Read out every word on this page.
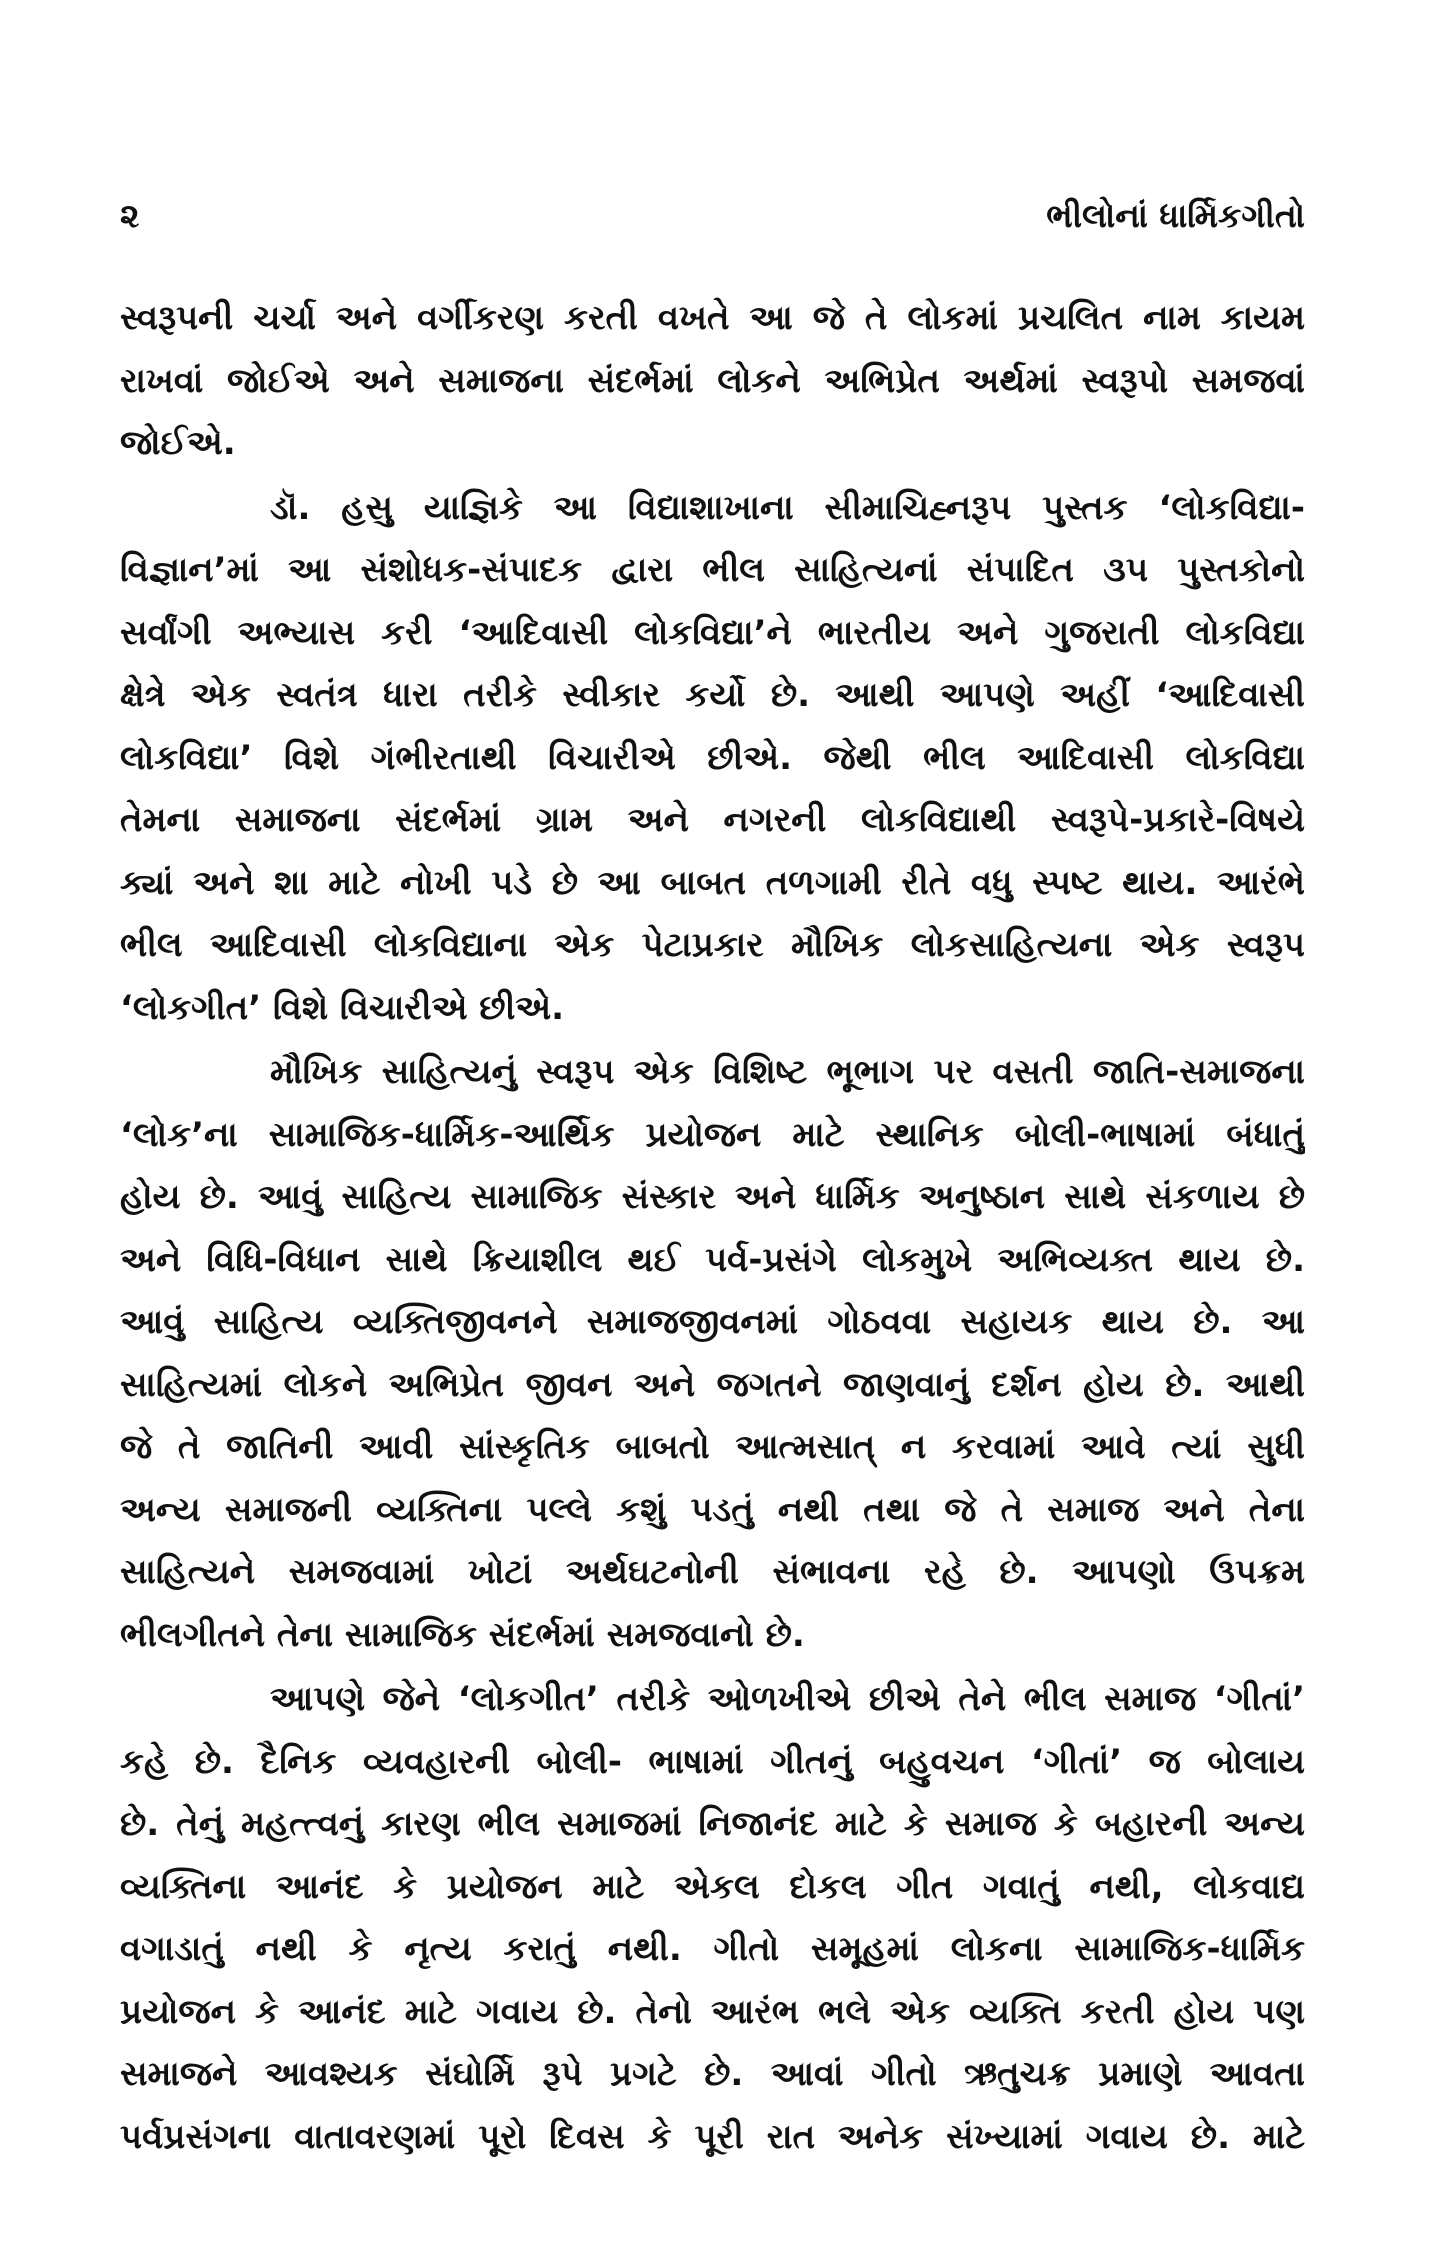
૨	ભીલોનાં ધાર્મિકગીતો
સ્વરૂપની ચર્ચા અને વર્ગીકરણ કરતી વખતે આ જે તે લોકમાં પ્રચલિત નામ કાયમ
રાખવાં જોઈએ અને સમાજના સંદર્ભમાં લોકને અભિપ્રેત અર્થમાં સ્વરૂપો સમજવાં
જોઈએ.
ડૉ. હસુ યાજ્ઞિકે આ વિદ્યાશાખાના સીમાચિહ્નરૂપ પુસ્તક ‘લોકવિદ્યા-
વિજ્ઞાન’માં આ સંશોધક-સંપાદક દ્વારા ભીલ સાહિત્યનાં સંપાદિત ૩૫ પુસ્તકોનો
સર્વાંગી અભ્યાસ કરી ‘આદિવાસી લોકવિદ્યા’ને ભારતીય અને ગુજરાતી લોકવિદ્યા
ક્ષેત્રે એક સ્વતંત્ર ધારા તરીકે સ્વીકાર કર્યો છે. આથી આપણે અહીં ‘આદિવાસી
લોકવિદ્યા’ વિશે ગંભીરતાથી વિચારીએ છીએ. જેથી ભીલ આદિવાસી લોકવિદ્યા
તેમના સમાજના સંદર્ભમાં ગ્રામ અને નગરની લોકવિદ્યાથી સ્વરૂપે-પ્રકારે-વિષયે
ક્યાં અને શા માટે નોખી પડે છે આ બાબત તળગામી રીતે વધુ સ્પષ્ટ થાય. આરંભે
ભીલ આદિવાસી લોકવિદ્યાના એક પેટાપ્રકાર મૌખિક લોકસાહિત્યના એક સ્વરૂપ
‘લોકગીત’ વિશે વિચારીએ છીએ.
મૌખિક સાહિત્યનું સ્વરૂપ એક વિશિષ્ટ ભૂભાગ પર વસતી જાતિ-સમાજના
‘લોક’ના સામાજિક-ધાર્મિક-આર્થિક પ્રયોજન માટે સ્થાનિક બોલી-ભાષામાં બંધાતું
હોય છે. આવું સાહિત્ય સામાજિક સંસ્કાર અને ધાર્મિક અનુષ્ઠાન સાથે સંકળાય છે
અને વિધિ-વિધાન સાથે ક્રિયાશીલ થઈ પર્વ-પ્રસંગે લોકમુખે અભિવ્યક્ત થાય છે.
આવું સાહિત્ય વ્યક્તિજીવનને સમાજજીવનમાં ગોઠવવા સહાયક થાય છે. આ
સાહિત્યમાં લોકને અભિપ્રેત જીવન અને જગતને જાણવાનું દર્શન હોય છે. આથી
જે તે જાતિની આવી સાંસ્કૃતિક બાબતો આત્મસાત્ ન કરવામાં આવે ત્યાં સુધી
અન્ય સમાજની વ્યક્તિના પલ્લે કશું પડતું નથી તથા જે તે સમાજ અને તેના
સાહિત્યને સમજવામાં ખોટાં અર્થઘટનોની સંભાવના રહે છે. આપણો ઉપક્રમ
ભીલગીતને તેના સામાજિક સંદર્ભમાં સમજવાનો છે.
આપણે જેને ‘લોકગીત’ તરીકે ઓળખીએ છીએ તેને ભીલ સમાજ ‘ગીતાં’
કહે છે. દૈનિક વ્યવહારની બોલી- ભાષામાં ગીતનું બહુવચન ‘ગીતાં’ જ બોલાય
છે. તેનું મહત્ત્વનું કારણ ભીલ સમાજમાં નિજાનંદ માટે કે સમાજ કે બહારની અન્ય
વ્યક્તિના આનંદ કે પ્રયોજન માટે એકલ દોકલ ગીત ગવાતું નથી, લોકવાદ્ય
વગાડાતું નથી કે નૃત્ય કરાતું નથી. ગીતો સમૂહમાં લોકના સામાજિક-ધાર્મિક
પ્રયોજન કે આનંદ માટે ગવાય છે. તેનો આરંભ ભલે એક વ્યક્તિ કરતી હોય પણ
સમાજને આવશ્યક સંઘોર્મિ રૂપે પ્રગટે છે. આવાં ગીતો ઋતુચક્ર પ્રમાણે આવતા
પર્વપ્રસંગના વાતાવરણમાં પૂરો દિવસ કે પૂરી રાત અનેક સંખ્યામાં ગવાય છે. માટે
